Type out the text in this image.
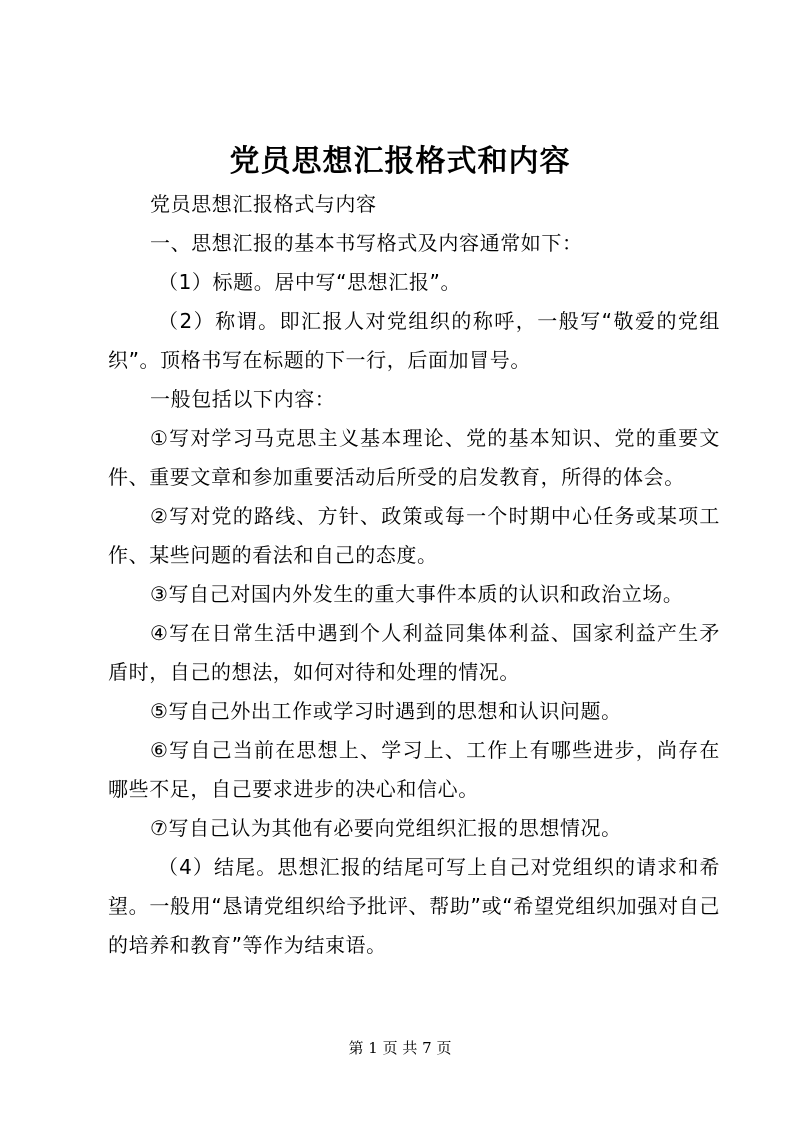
党员思想汇报格式和内容

党员思想汇报格式与内容

一、思想汇报的基本书写格式及内容通常如下：

（1）标题。居中写“思想汇报”。

（2）称谓。即汇报人对党组织的称呼，一般写“敬爱的党组织”。顶格书写在标题的下一行，后面加冒号。

一般包括以下内容：

①写对学习马克思主义基本理论、党的基本知识、党的重要文件、重要文章和参加重要活动后所受的启发教育，所得的体会。

②写对党的路线、方针、政策或每一个时期中心任务或某项工作、某些问题的看法和自己的态度。

③写自己对国内外发生的重大事件本质的认识和政治立场。

④写在日常生活中遇到个人利益同集体利益、国家利益产生矛盾时，自己的想法，如何对待和处理的情况。

⑤写自己外出工作或学习时遇到的思想和认识问题。

⑥写自己当前在思想上、学习上、工作上有哪些进步，尚存在哪些不足，自己要求进步的决心和信心。

⑦写自己认为其他有必要向党组织汇报的思想情况。

（4）结尾。思想汇报的结尾可写上自己对党组织的请求和希望。一般用“恳请党组织给予批评、帮助”或“希望党组织加强对自己的培养和教育”等作为结束语。

第 1 页 共 7 页
